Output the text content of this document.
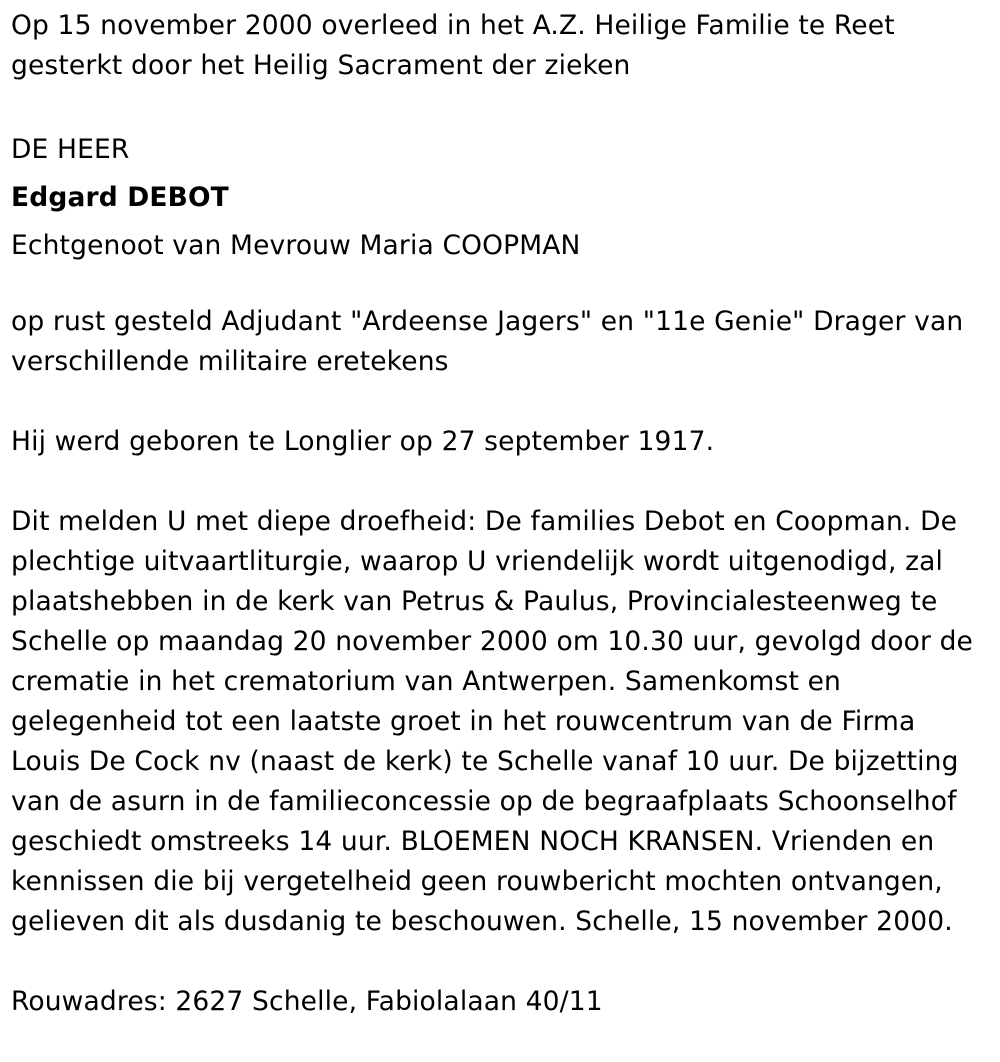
Op 15 november 2000 overleed in het A.Z. Heilige Familie te Reet
gesterkt door het Heilig Sacrament der zieken
DE HEER
Edgard DEBOT
Echtgenoot van Mevrouw Maria COOPMAN
op rust gesteld Adjudant "Ardeense Jagers" en "11e Genie" Drager van
verschillende militaire eretekens
Hij werd geboren te Longlier op 27 september 1917.
Dit melden U met diepe droefheid: De families Debot en Coopman. De
plechtige uitvaartliturgie, waarop U vriendelijk wordt uitgenodigd, zal
plaatshebben in de kerk van Petrus & Paulus, Provincialesteenweg te
Schelle op maandag 20 november 2000 om 10.30 uur, gevolgd door de
crematie in het crematorium van Antwerpen. Samenkomst en
gelegenheid tot een laatste groet in het rouwcentrum van de Firma
Louis De Cock nv (naast de kerk) te Schelle vanaf 10 uur. De bijzetting
van de asurn in de familieconcessie op de begraafplaats Schoonselhof
geschiedt omstreeks 14 uur. BLOEMEN NOCH KRANSEN. Vrienden en
kennissen die bij vergetelheid geen rouwbericht mochten ontvangen,
gelieven dit als dusdanig te beschouwen. Schelle, 15 november 2000.
Rouwadres: 2627 Schelle, Fabiolalaan 40/11
